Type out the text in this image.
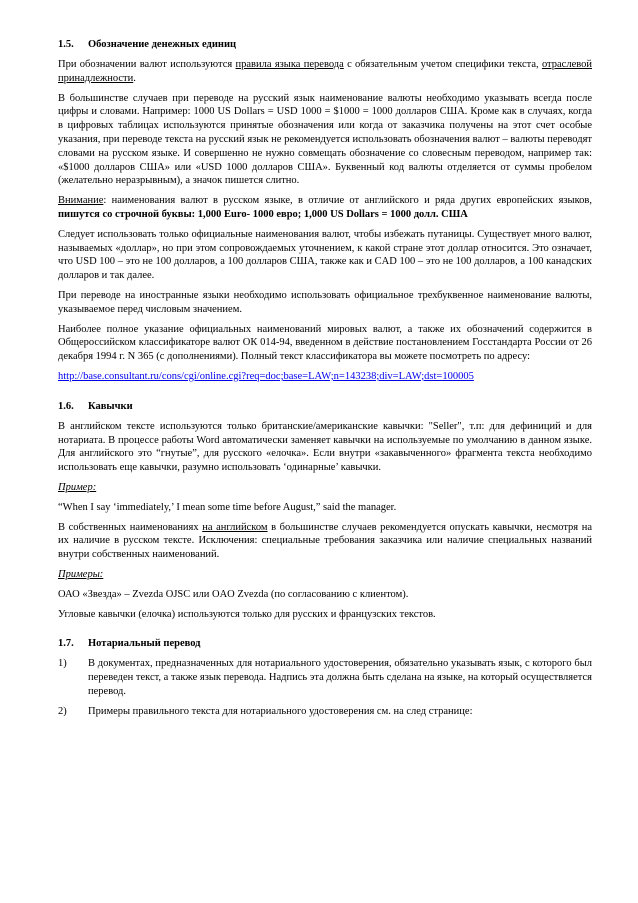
1.5.	Обозначение денежных единиц

При обозначении валют используются правила языка перевода с обязательным учетом специфики текста, отраслевой принадлежности.

В большинстве случаев при переводе на русский язык наименование валюты необходимо указывать всегда после цифры и словами. Например: 1000 US Dollars = USD 1000 = $1000 = 1000 долларов США. Кроме как в случаях, когда в цифровых таблицах используются принятые обозначения или когда от заказчика получены на этот счет особые указания, при переводе текста на русский язык не рекомендуется использовать обозначения валют – валюты переводят словами на русском языке. И совершенно не нужно совмещать обозначение со словесным переводом, например так: «$1000 долларов США» или «USD 1000 долларов США». Буквенный код валюты отделяется от суммы пробелом (желательно неразрывным), а значок пишется слитно.

Внимание: наименования валют в русском языке, в отличие от английского и ряда других европейских языков, пишутся со строчной буквы: 1,000 Euro- 1000 евро; 1,000 US Dollars = 1000 долл. США

Следует использовать только официальные наименования валют, чтобы избежать путаницы. Существует много валют, называемых «доллар», но при этом сопровождаемых уточнением, к какой стране этот доллар относится. Это означает, что USD 100 – это не 100 долларов, а 100 долларов США, также как и CAD 100 – это не 100 долларов, а 100 канадских долларов и так далее.

При переводе на иностранные языки необходимо использовать официальное трехбуквенное наименование валюты, указываемое перед числовым значением.

Наиболее полное указание официальных наименований мировых валют, а также их обозначений содержится в Общероссийском классификаторе валют ОК 014-94, введенном в действие постановлением Госстандарта России от 26 декабря 1994 г. N 365 (с дополнениями). Полный текст классификатора вы можете посмотреть по адресу:

http://base.consultant.ru/cons/cgi/online.cgi?req=doc;base=LAW;n=143238;div=LAW;dst=100005

1.6.	Кавычки

В английском тексте используются только британские/американские кавычки: "Seller", т.п: для дефиниций и для нотариата. В процессе работы Word автоматически заменяет кавычки на используемые по умолчанию в данном языке. Для английского это “гнутые”, для русского «елочка». Если внутри «закавыченного» фрагмента текста необходимо использовать еще кавычки, разумно использовать ‘одинарные’ кавычки.

Пример:

“When I say ‘immediately,’ I mean some time before August,” said the manager.

В собственных наименованиях на английском в большинстве случаев рекомендуется опускать кавычки, несмотря на их наличие в русском тексте. Исключения: специальные требования заказчика или наличие специальных названий внутри собственных наименований.

Примеры:

ОАО «Звезда» – Zvezda OJSC или OAO Zvezda (по согласованию с клиентом).

Угловые кавычки (елочка) используются только для русских и французских текстов.

1.7.	Нотариальный перевод

1)	В документах, предназначенных для нотариального удостоверения, обязательно указывать язык, с которого был переведен текст, а также язык перевода. Надпись эта должна быть сделана на языке, на который осуществляется перевод.

2)	Примеры правильного текста для нотариального удостоверения см. на след странице:
